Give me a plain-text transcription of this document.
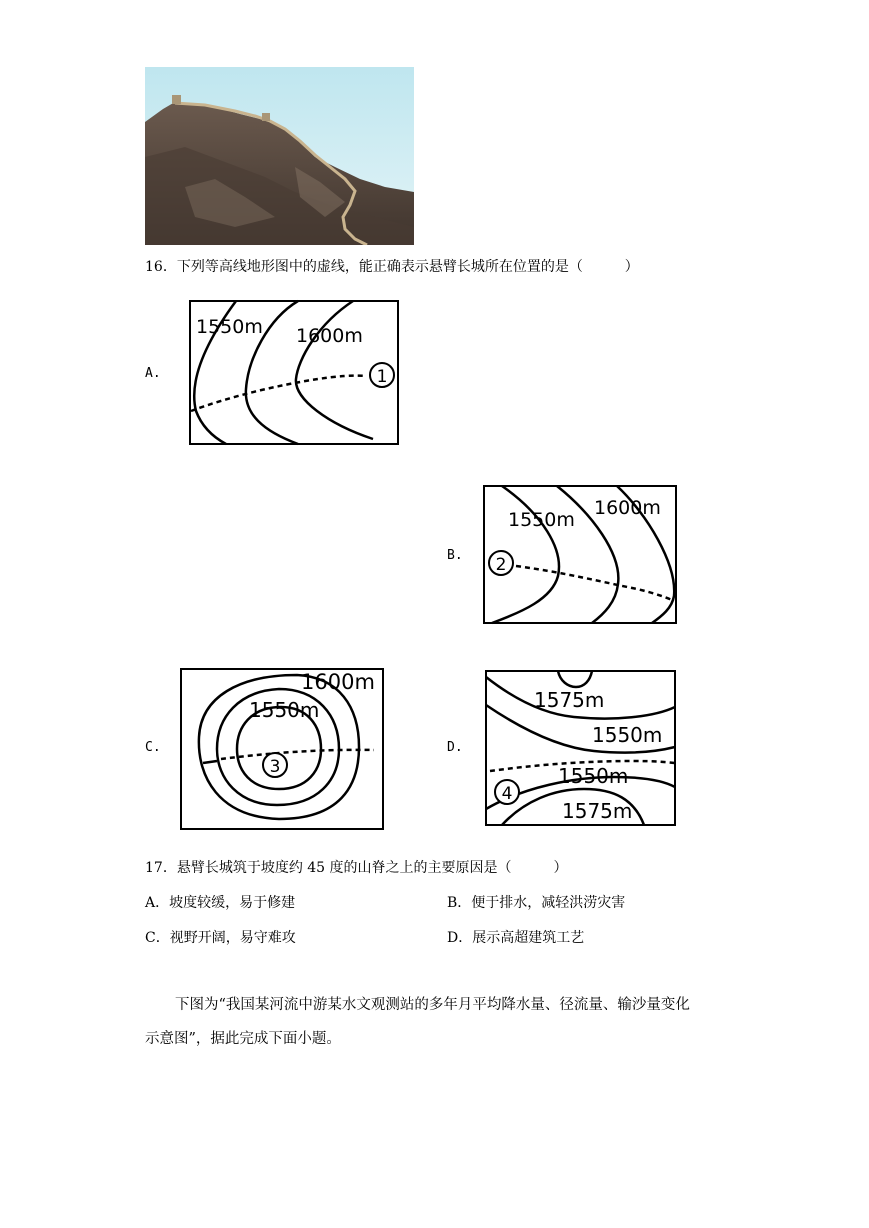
16．下列等高线地形图中的虚线，能正确表示悬臂长城所在位置的是（　　　）
A.
1550m 1600m
1
B.
1550m
1600m
2
C.
1600m
1550m
3
D.
1575m
1550m
1550m
1575m
4
17．悬臂长城筑于坡度约 45 度的山脊之上的主要原因是（　　　）
A．坡度较缓，易于修建	B．便于排水，减轻洪涝灾害
C．视野开阔，易守难攻	D．展示高超建筑工艺
下图为“我国某河流中游某水文观测站的多年月平均降水量、径流量、输沙量变化
示意图”，据此完成下面小题。
